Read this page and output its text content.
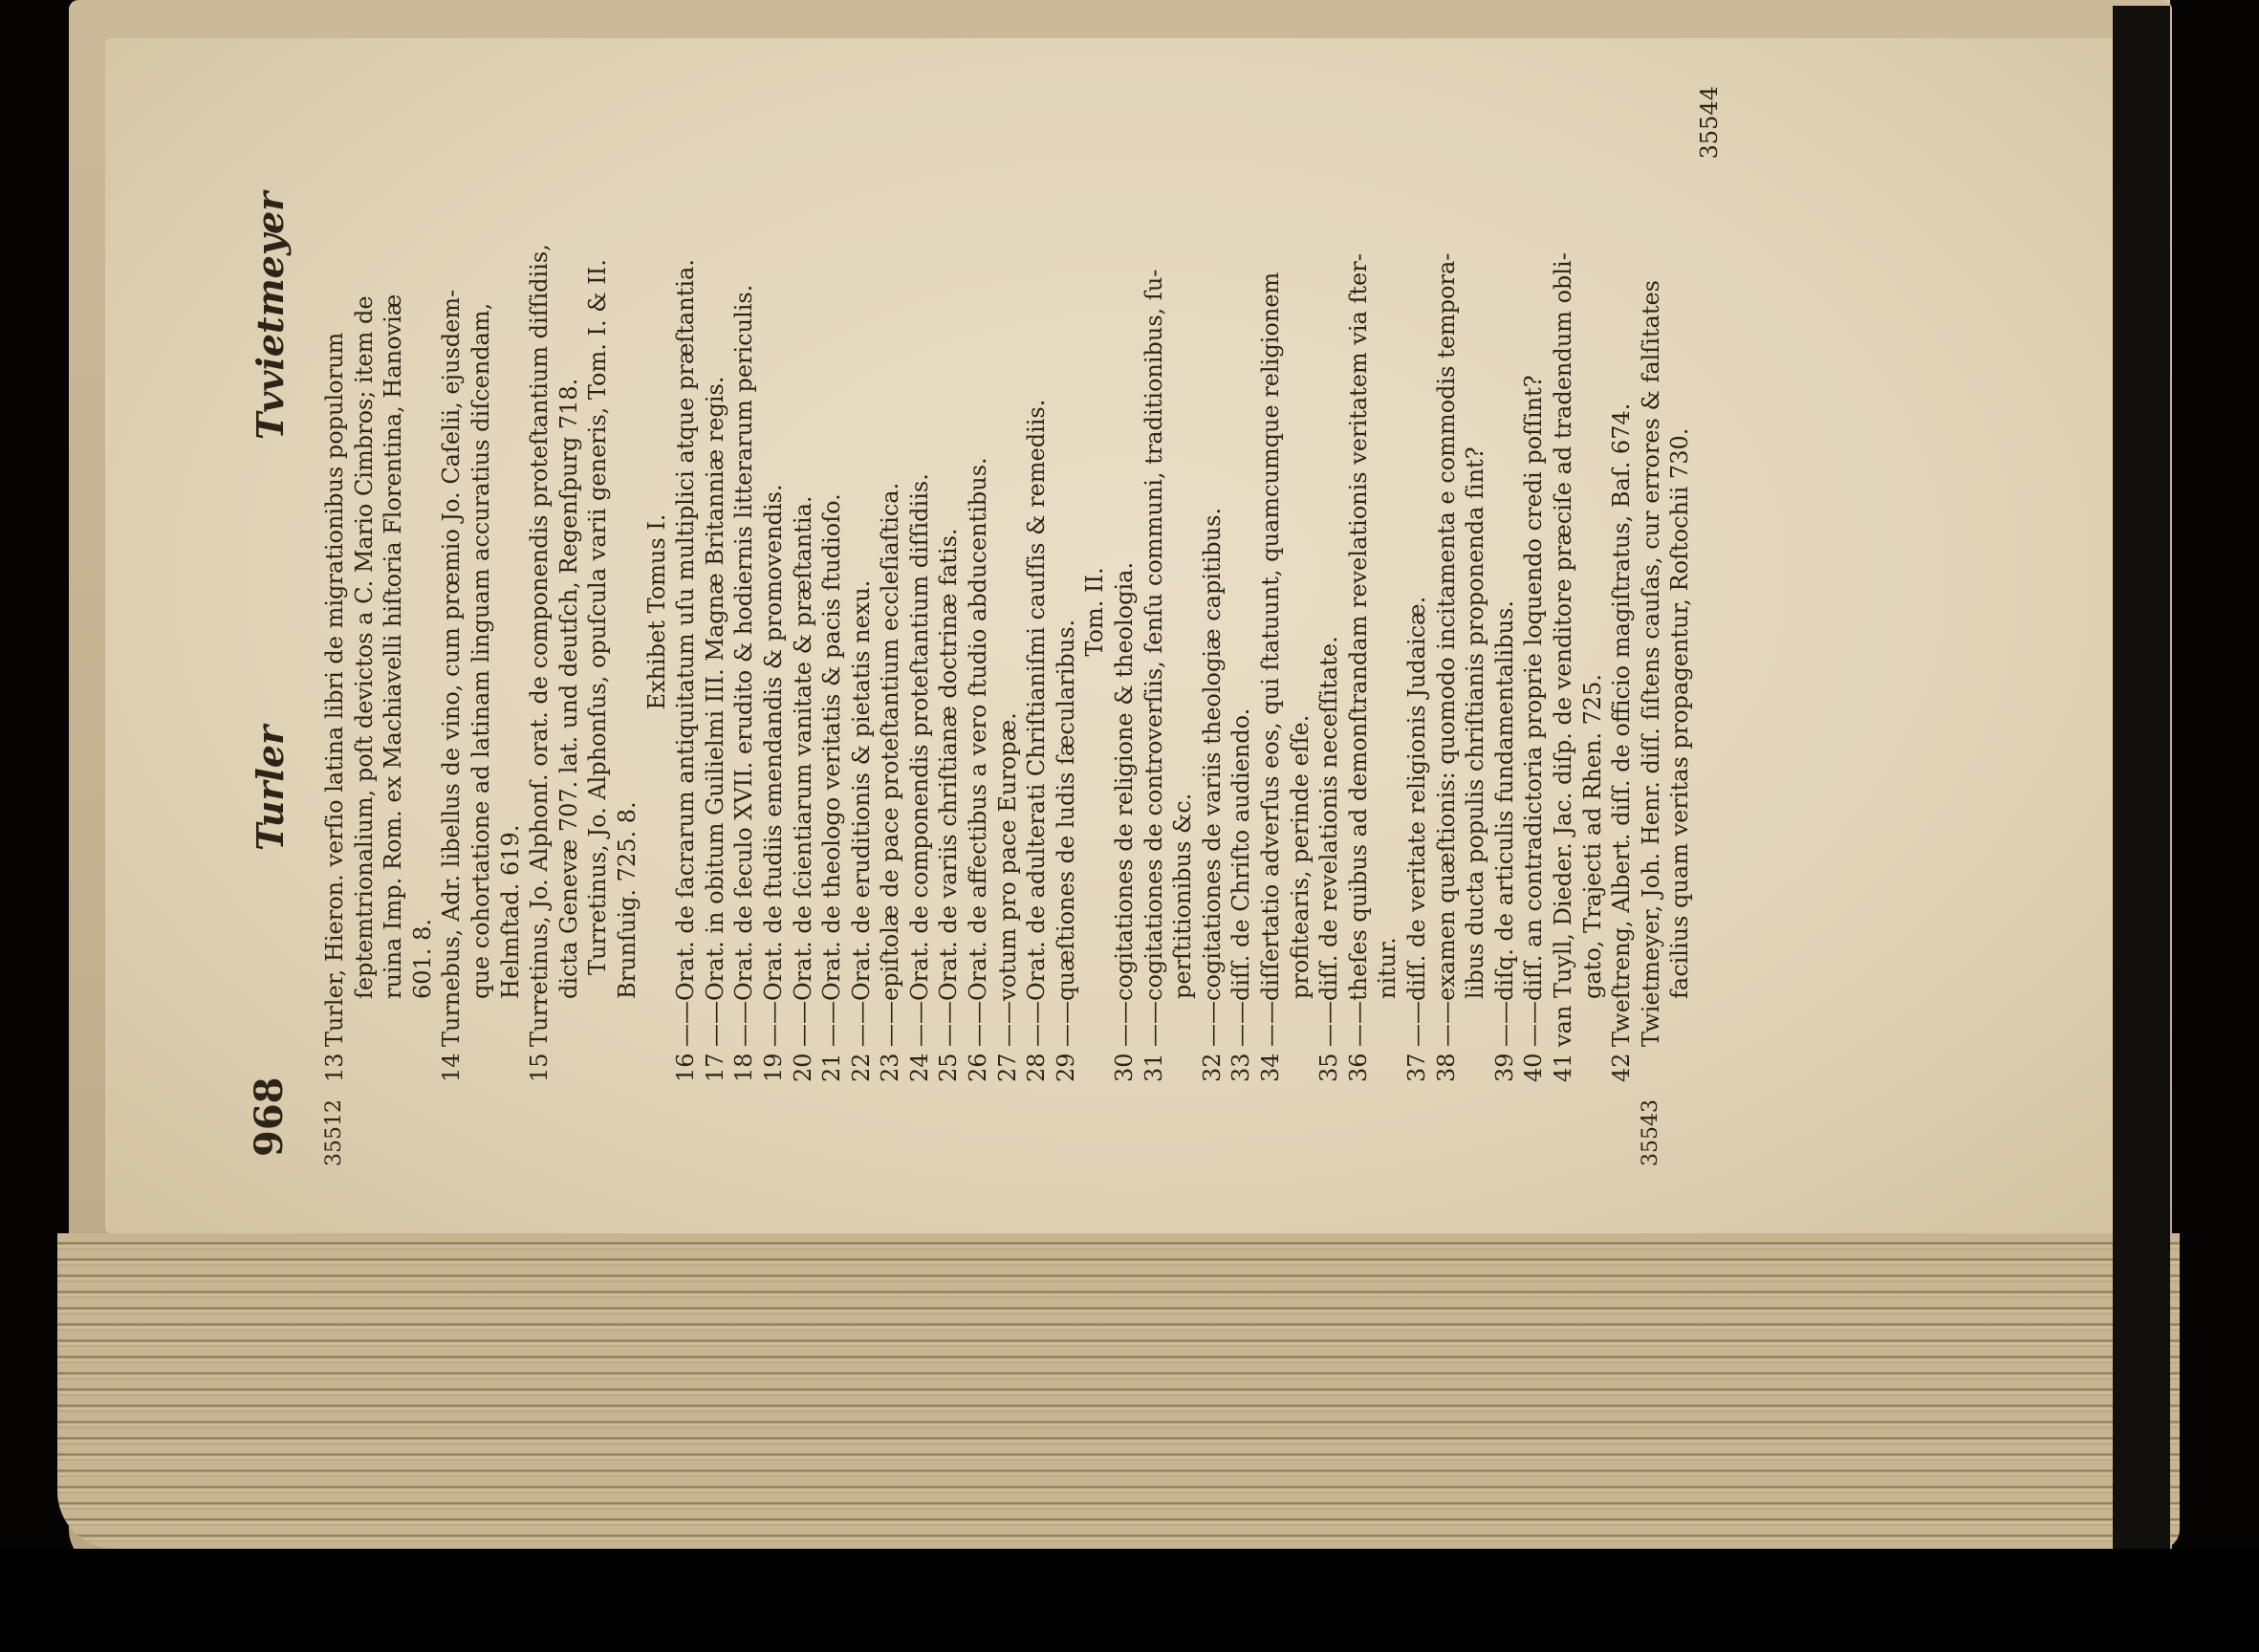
968
Turler
Tvvietmeyer
35512
13
Turler, Hieron. verſio latina libri de migrationibus populorum ſeptemtrionalium, poſt devictos a C. Mario Cimbros; item de ruina Imp. Rom. ex Machiavelli hiſtoria Florentina, Hanoviæ 601. 8.
14
Turnebus, Adr. libellus de vino, cum prœmio Jo. Caſelii, ejusdem- que cohortatione ad latinam linguam accuratius diſcendam, Helmſtad. 619.
15
Turretinus, Jo. Alphonſ. orat. de componendis proteſtantium diſſidiis, dicta Genevæ 707. lat. und deutſch, Regenſpurg 718. Turretinus, Jo. Alphonſus, opuſcula varii generis, Tom. I. & II. Brunſuig. 725. 8.
Exhibet Tomus I.
16
——Orat. de ſacrarum antiquitatum uſu multiplici atque præſtantia.
17
——Orat. in obitum Guilielmi III. Magnæ Britanniæ regis.
18
——Orat. de ſeculo XVII. erudito & hodiernis litterarum periculis.
19
——Orat. de ſtudiis emendandis & promovendis.
20
——Orat. de ſcientiarum vanitate & præſtantia.
21
——Orat. de theologo veritatis & pacis ſtudioſo.
22
——Orat. de eruditionis & pietatis nexu.
23
——epiſtolæ de pace proteſtantium eccleſiaſtica.
24
——Orat. de componendis proteſtantium diſſidiis.
25
——Orat. de variis chriſtianæ doctrinæ fatis.
26
——Orat. de affectibus a vero ſtudio abducentibus.
27
——votum pro pace Europæ.
28
——Orat. de adulterati Chriſtianiſmi cauſſis & remediis.
29
——quæſtiones de ludis ſæcularibus.
Tom. II.
30
——cogitationes de religione & theologia.
31
——cogitationes de controverſiis, ſenſu communi, traditionibus, ſu- perſtitionibus &c.
32
——cogitationes de variis theologiæ capitibus.
33
——diſſ. de Chriſto audiendo.
34
——diſſertatio adverſus eos, qui ſtatuunt, quamcumque religionem profitearis, perinde eſſe.
35
——diſſ. de revelationis neceſſitate.
36
——theſes quibus ad demonſtrandam revelationis veritatem via ſter- nitur.
37
——diſſ. de veritate religionis Judaicæ.
38
——examen quæſtionis: quomodo incitamenta e commodis tempora- libus ducta populis chriſtianis proponenda ſint?
39
——diſq. de articulis fundamentalibus.
40
——diſſ. an contradictoria proprie loquendo credi poſſint?
41
van Tuyll, Dieder. Jac. diſp. de venditore præciſe ad tradendum obli- gato, Trajecti ad Rhen. 725.
42
Tweſtreng, Albert. diſſ. de officio magiſtratus, Baſ. 674.
35543
Twietmeyer, Joh. Henr. diſſ. ſiſtens cauſas, cur errores & falſitates facilius quam veritas propagentur, Roſtochii 730.
35544
